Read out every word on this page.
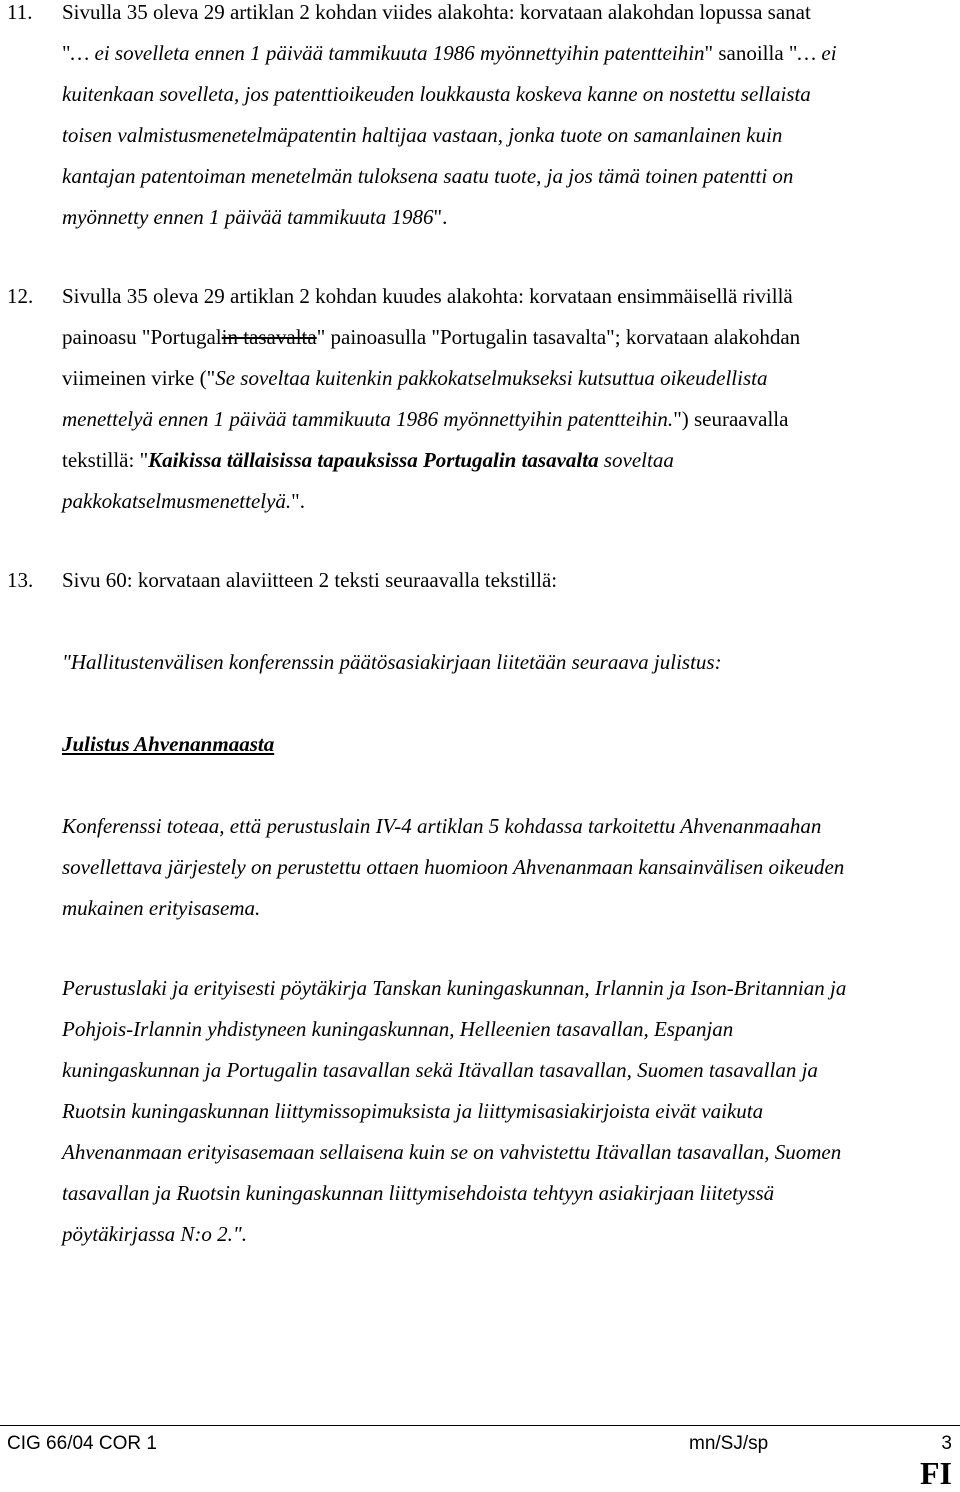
11. Sivulla 35 oleva 29 artiklan 2 kohdan viides alakohta: korvataan alakohdan lopussa sanat
"… ei sovelleta ennen 1 päivää tammikuuta 1986 myönnettyihin patentteihin" sanoilla "… ei
kuitenkaan sovelleta, jos patenttioikeuden loukkausta koskeva kanne on nostettu sellaista
toisen valmistusmenetelmäpatentin haltijaa vastaan, jonka tuote on samanlainen kuin
kantajan patentoiman menetelmän tuloksena saatu tuote, ja jos tämä toinen patentti on
myönnetty ennen 1 päivää tammikuuta 1986".
12. Sivulla 35 oleva 29 artiklan 2 kohdan kuudes alakohta: korvataan ensimmäisellä rivillä
painoasu "Portugalin tasavalta" painoasulla "Portugalin tasavalta"; korvataan alakohdan
viimeinen virke ("Se soveltaa kuitenkin pakkokatselmukseksi kutsuttua oikeudellista
menettelyä ennen 1 päivää tammikuuta 1986 myönnettyihin patentteihin.") seuraavalla
tekstillä: "Kaikissa tällaisissa tapauksissa Portugalin tasavalta soveltaa
pakkokatselmusmenettelyä.".
13. Sivu 60: korvataan alaviitteen 2 teksti seuraavalla tekstillä:
"Hallitustenvälisen konferenssin päätösasiakirjaan liitetään seuraava julistus:
Julistus Ahvenanmaasta
Konferenssi toteaa, että perustuslain IV-4 artiklan 5 kohdassa tarkoitettu Ahvenanmaahan
sovellettava järjestely on perustettu ottaen huomioon Ahvenanmaan kansainvälisen oikeuden
mukainen erityisasema.
Perustuslaki ja erityisesti pöytäkirja Tanskan kuningaskunnan, Irlannin ja Ison-Britannian ja
Pohjois-Irlannin yhdistyneen kuningaskunnan, Helleenien tasavallan, Espanjan
kuningaskunnan ja Portugalin tasavallan sekä Itävallan tasavallan, Suomen tasavallan ja
Ruotsin kuningaskunnan liittymissopimuksista ja liittymisasiakirjoista eivät vaikuta
Ahvenanmaan erityisasemaan sellaisena kuin se on vahvistettu Itävallan tasavallan, Suomen
tasavallan ja Ruotsin kuningaskunnan liittymisehdoista tehtyyn asiakirjaan liitetyssä
pöytäkirjassa N:o 2.".
CIG 66/04 COR 1	mn/SJ/sp	3
FI
